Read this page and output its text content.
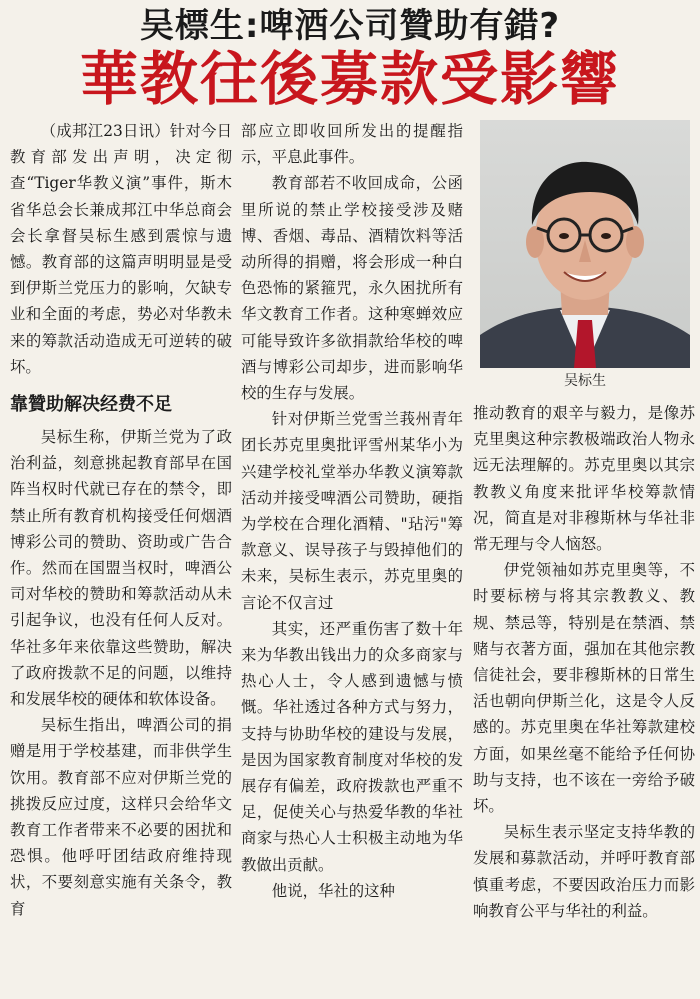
吴標生:啤酒公司贊助有錯?
華教往後募款受影響

（成邦江23日讯）针对今日教育部发出声明，决定彻查“Tiger华教义演”事件，斯木省华总会长兼成邦江中华总商会会长拿督吴标生感到震惊与遗憾。教育部的这篇声明明显是受到伊斯兰党压力的影响，欠缺专业和全面的考虑，势必对华教未来的筹款活动造成无可逆转的破坏。

靠贊助解决经费不足

吴标生称，伊斯兰党为了政治利益，刻意挑起教育部早在国阵当权时代就已存在的禁令，即禁止所有教育机构接受任何烟酒博彩公司的赞助、资助或广告合作。然而在国盟当权时，啤酒公司对华校的赞助和筹款活动从未引起争议，也没有任何人反对。华社多年来依靠这些赞助，解决了政府拨款不足的问题，以维持和发展华校的硬体和软体设备。

吴标生指出，啤酒公司的捐赠是用于学校基建，而非供学生饮用。教育部不应对伊斯兰党的挑拨反应过度，这样只会给华文教育工作者带来不必要的困扰和恐惧。他呼吁团结政府维持现状，不要刻意实施有关条令，教育

部应立即收回所发出的提醒指示，平息此事件。

教育部若不收回成命，公函里所说的禁止学校接受涉及赌博、香烟、毒品、酒精饮料等活动所得的捐赠，将会形成一种白色恐怖的紧箍咒，永久困扰所有华文教育工作者。这种寒蝉效应可能导致许多欲捐款给华校的啤酒与博彩公司却步，进而影响华校的生存与发展。

针对伊斯兰党雪兰莪州青年团长苏克里奥批评雪州某华小为兴建学校礼堂举办华教义演筹款活动并接受啤酒公司赞助，硬指为学校在合理化酒精、"玷污"筹款意义、误导孩子与毁掉他们的未来，吴标生表示，苏克里奥的言论不仅言过

其实，还严重伤害了数十年来为华教出钱出力的众多商家与热心人士，令人感到遗憾与愤慨。华社透过各种方式与努力，支持与协助华校的建设与发展，是因为国家教育制度对华校的发展存有偏差，政府拨款也严重不足，促使关心与热爱华教的华社商家与热心人士积极主动地为华教做出贡献。

他说，华社的这种

吴标生

推动教育的艰辛与毅力，是像苏克里奥这种宗教极端政治人物永远无法理解的。苏克里奥以其宗教教义角度来批评华校筹款情况，简直是对非穆斯林与华社非常无理与令人恼怒。

伊党领袖如苏克里奥等，不时要标榜与将其宗教教义、教规、禁忌等，特别是在禁酒、禁赌与衣著方面，强加在其他宗教信徒社会，要非穆斯林的日常生活也朝向伊斯兰化，这是令人反感的。苏克里奥在华社筹款建校方面，如果丝毫不能给予任何协助与支持，也不该在一旁给予破坏。

吴标生表示坚定支持华教的发展和募款活动，并呼吁教育部慎重考虑，不要因政治压力而影响教育公平与华社的利益。
